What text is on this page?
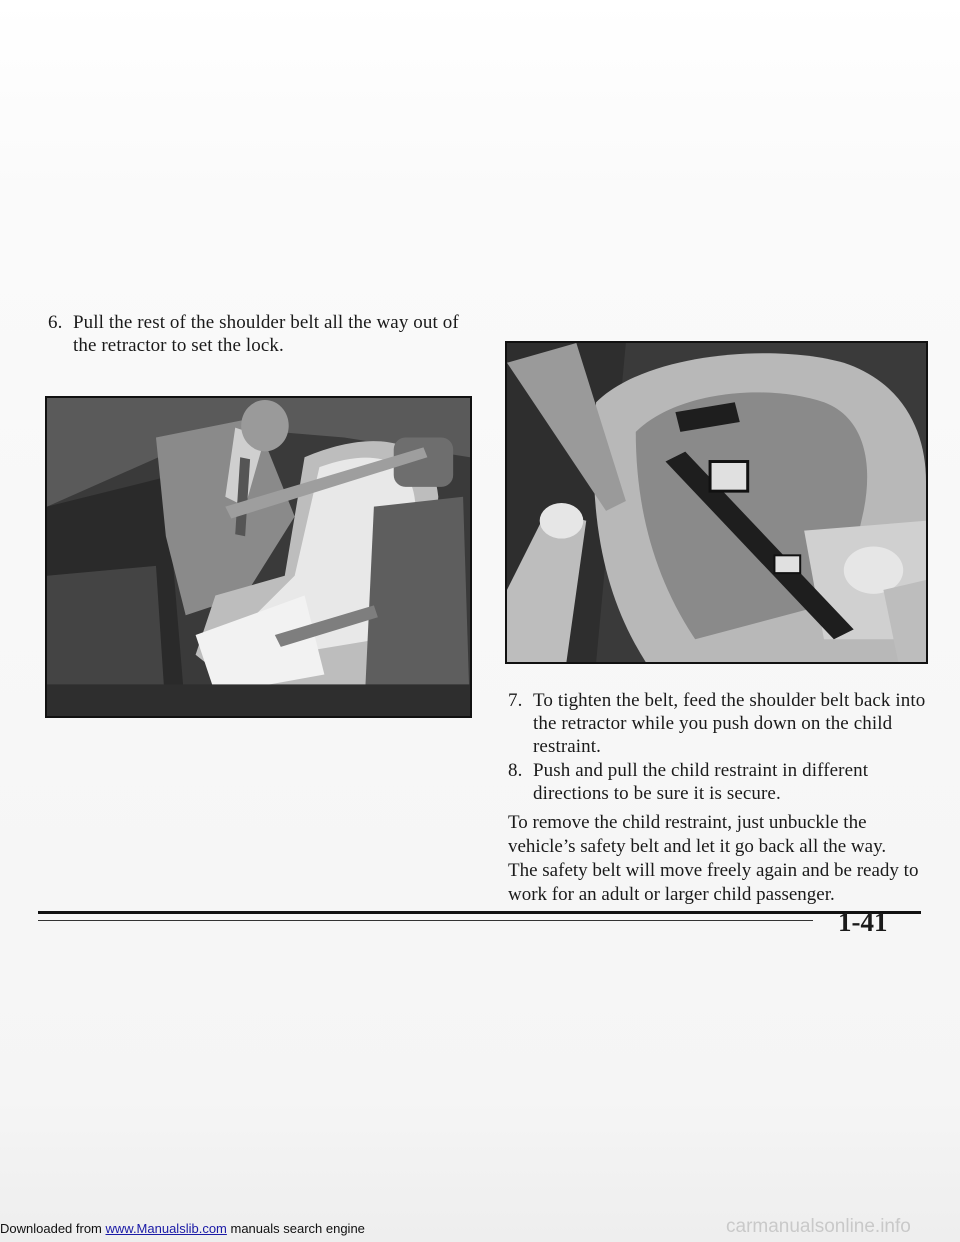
6. Pull the rest of the shoulder belt all the way out of the retractor to set the lock.
7. To tighten the belt, feed the shoulder belt back into the retractor while you push down on the child restraint.
8. Push and pull the child restraint in different directions to be sure it is secure.
To remove the child restraint, just unbuckle the vehicle’s safety belt and let it go back all the way.
The safety belt will move freely again and be ready to work for an adult or larger child passenger.
1-41
Downloaded from www.Manualslib.com manuals search engine	carmanualsonline.info
